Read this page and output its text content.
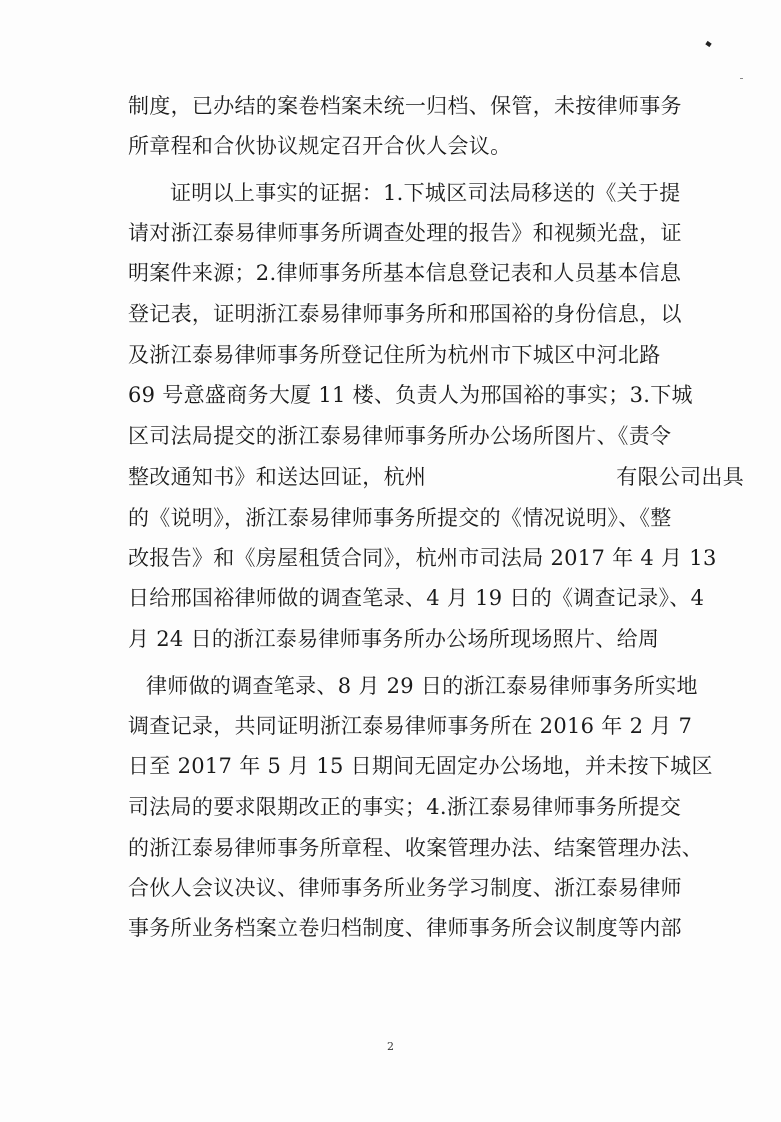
制度，已办结的案卷档案未统一归档、保管，未按律师事务
所章程和合伙协议规定召开合伙人会议。
证明以上事实的证据：1.下城区司法局移送的《关于提
请对浙江泰易律师事务所调查处理的报告》和视频光盘，证
明案件来源；2.律师事务所基本信息登记表和人员基本信息
登记表，证明浙江泰易律师事务所和邢国裕的身份信息，以
及浙江泰易律师事务所登记住所为杭州市下城区中河北路
69 号意盛商务大厦 11 楼、负责人为邢国裕的事实；3.下城
区司法局提交的浙江泰易律师事务所办公场所图片、《责令
整改通知书》和送达回证，杭州	有限公司出具
的《说明》，浙江泰易律师事务所提交的《情况说明》、《整
改报告》和《房屋租赁合同》，杭州市司法局 2017 年 4 月 13
日给邢国裕律师做的调查笔录、4 月 19 日的《调查记录》、4
月 24 日的浙江泰易律师事务所办公场所现场照片、给周
律师做的调查笔录、8 月 29 日的浙江泰易律师事务所实地
调查记录，共同证明浙江泰易律师事务所在 2016 年 2 月 7
日至 2017 年 5 月 15 日期间无固定办公场地，并未按下城区
司法局的要求限期改正的事实；4.浙江泰易律师事务所提交
的浙江泰易律师事务所章程、收案管理办法、结案管理办法、
合伙人会议决议、律师事务所业务学习制度、浙江泰易律师
事务所业务档案立卷归档制度、律师事务所会议制度等内部
2
